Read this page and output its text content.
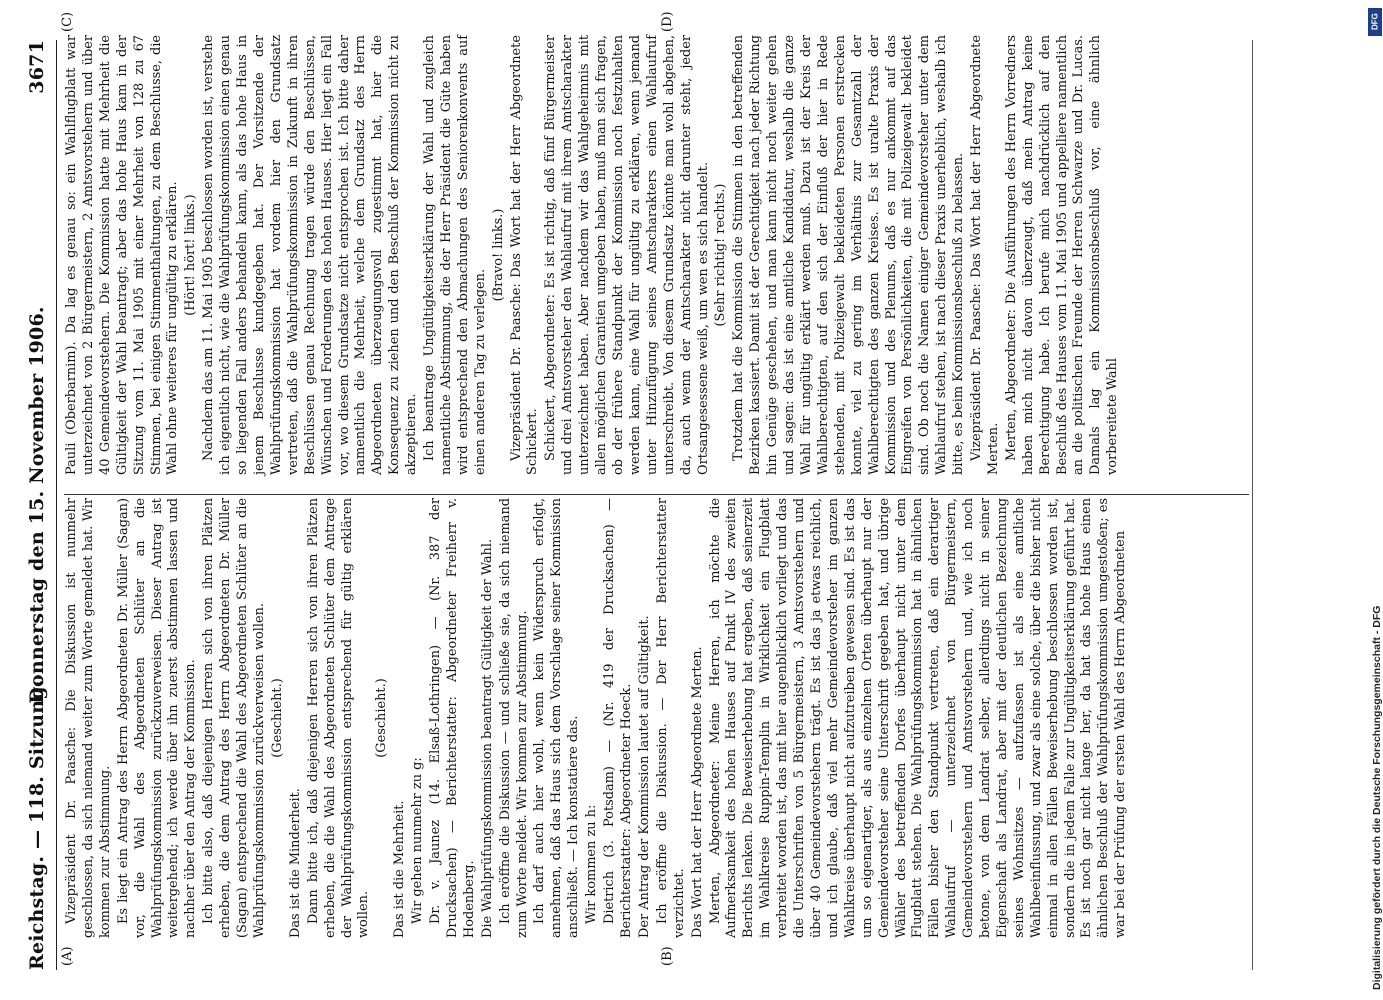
Reichstag. — 118. Sitzung.
Donnerstag den 15. November 1906.
3671
(A)	(B)
(C)	(D)

Vizepräsident Dr. Paasche: Die Diskussion ist nunmehr geschlossen, da sich niemand weiter zum Worte gemeldet hat. Wir kommen zur Abstimmung. Es liegt ein Antrag des Herrn Abgeordneten Dr. Müller (Sagan) vor, die Wahl des Abgeordneten Schlüter an die Wahlprüfungskommission zurückzuverweisen. Dieser Antrag ist weitergehend; ich werde über ihn zuerst abstimmen lassen und nachher über den Antrag der Kommission. Ich bitte also, daß diejenigen Herren sich von ihren Plätzen erheben, die dem Antrag des Herrn Abgeordneten Dr. Müller (Sagan) entsprechend die Wahl des Abgeordneten Schlüter an die Wahlprüfungskommission zurückverweisen wollen. (Geschieht.)

Das ist die Minderheit. Dann bitte ich, daß diejenigen Herren sich von ihren Plätzen erheben, die die Wahl des Abgeordneten Schlüter dem Antrage der Wahlprüfungskommission entsprechend für gültig erklären wollen.

(Geschieht.)

Das ist die Mehrheit. Wir gehen nunmehr zu g: Dr. v. Jaunez (14. Elsaß-Lothringen) — (Nr. 387 der Drucksachen) — Berichterstatter: Abgeordneter Freiherr v. Hodenberg. Die Wahlprüfungskommission beantragt Gültigkeit der Wahl. Ich eröffne die Diskussion — und schließe sie, da sich niemand zum Worte meldet. Wir kommen zur Abstimmung. Ich darf auch hier wohl, wenn kein Widerspruch erfolgt, annehmen, daß das Haus sich dem Vorschlage seiner Kommission anschließt. — Ich konstatiere das. Wir kommen zu h: Dietrich (3. Potsdam) — (Nr. 419 der Drucksachen) — Berichterstatter: Abgeordneter Hoeck. Der Antrag der Kommission lautet auf Gültigkeit. Ich eröffne die Diskussion. — Der Herr Berichterstatter verzichtet. Das Wort hat der Herr Abgeordnete Merten. Merten, Abgeordneter: Meine Herren, ich möchte die Aufmerksamkeit des hohen Hauses auf Punkt IV des zweiten Berichts lenken. Die Beweiserhebung hat ergeben, daß seinerzeit im Wahlkreise Ruppin-Templin in Wirklichkeit ein Flugblatt verbreitet worden ist, das mit hier augenblicklich vorliegt und das die Unterschriften von 5 Bürgermeistern, 3 Amtsvorstehern und über 40 Gemeindevorstehern trägt. Es ist das ja etwas reichlich, und ich glaube, daß viel mehr Gemeindevorsteher im ganzen Wahlkreise überhaupt nicht aufzutreiben gewesen sind. Es ist das um so eigenartiger, als aus einzelnen Orten überhaupt nur der Gemeindevorsteher seine Unterschrift gegeben hat, und übrige Wähler des betreffenden Dorfes überhaupt nicht unter dem Flugblatt stehen. Die Wahlprüfungskommission hat in ähnlichen Fällen bisher den Standpunkt vertreten, daß ein derartiger Wahlaufruf — unterzeichnet von Bürgermeistern, Gemeindevorstehern und Amtsvorstehern und, wie ich noch betone, von dem Landrat selber, allerdings nicht in seiner Eigenschaft als Landrat, aber mit der deutlichen Bezeichnung seines Wohnsitzes — aufzufassen ist als eine amtliche Wahlbeeinflussung, und zwar als eine solche, über die bisher nicht einmal in allen Fällen Beweiserhebung beschlossen worden ist, sondern die in jedem Falle zur Ungültigkeitserklärung geführt hat. Es ist noch gar nicht lange her, da hat das hohe Haus einen ähnlichen Beschluß der Wahlprüfungskommission umgestoßen; es war bei der Prüfung der ersten Wahl des Herrn Abgeordneten

Pauli (Oberbarnim). Da lag es genau so: ein Wahlflugblatt war unterzeichnet von 2 Bürgermeistern, 2 Amtsvorstehern und über 40 Gemeindevorstehern. Die Kommission hatte mit Mehrheit die Gültigkeit der Wahl beantragt; aber das hohe Haus kam in der Sitzung vom 11. Mai 1905 mit einer Mehrheit von 128 zu 67 Stimmen, bei einigen Stimmenthaltungen, zu dem Beschlusse, die Wahl ohne weiteres für ungültig zu erklären. (Hört! hört! links.) Nachdem das am 11. Mai 1905 beschlossen worden ist, verstehe ich eigentlich nicht, wie die Wahlprüfungskommission einen genau so liegenden Fall anders behandeln kann, als das hohe Haus in jenem Beschlusse kundgegeben hat. Der Vorsitzende der Wahlprüfungskommission hat vordem hier den Grundsatz vertreten, daß die Wahlprüfungskommission in Zukunft in ihren Beschlüssen genau Rechnung tragen würde den Beschlüssen, Wünschen und Forderungen des hohen Hauses. Hier liegt ein Fall vor, wo diesem Grundsatze nicht entsprochen ist. Ich bitte daher namentlich die Mehrheit, welche dem Grundsatz des Herrn Abgeordneten überzeugungsvoll zugestimmt hat, hier die Konsequenz zu ziehen und den Beschluß der Kommission nicht zu akzeptieren. Ich beantrage Ungültigkeitserklärung der Wahl und zugleich namentliche Abstimmung, die der Herr Präsident die Güte haben wird entsprechend den Abmachungen des Seniorenkonvents auf einen anderen Tag zu verlegen.

(Bravo! links.) Vizepräsident Dr. Paasche: Das Wort hat der Herr Abgeordnete Schickert. Schickert, Abgeordneter: Es ist richtig, daß fünf Bürgermeister und drei Amtsvorsteher den Wahlaufruf mit ihrem Amtscharakter unterzeichnet haben. Aber nachdem wir das Wahlgeheimnis mit allen möglichen Garantien umgeben haben, muß man sich fragen, ob der frühere Standpunkt der Kommission noch festzuhalten werden kann, eine Wahl für ungültig zu erklären, wenn jemand unter Hinzufügung seines Amtscharakters einen Wahlaufruf unterschreibt. Von diesem Grundsatz könnte man wohl abgehen, da, auch wenn der Amtscharakter nicht darunter steht, jeder Ortsangesessene weiß, um wen es sich handelt. (Sehr richtig! rechts.) Trotzdem hat die Kommission die Stimmen in den betreffenden Bezirken kassiert. Damit ist der Gerechtigkeit nach jeder Richtung hin Genüge geschehen, und man kann nicht noch weiter gehen und sagen: das ist eine amtliche Kandidatur, weshalb die ganze Wahl für ungültig erklärt werden muß. Dazu ist der Kreis der Wahlberechtigten, auf den sich der Einfluß der hier in Rede stehenden, mit Polizeigewalt bekleideten Personen erstrecken konnte, viel zu gering im Verhältnis zur Gesamtzahl der Wahlberechtigten des ganzen Kreises. Es ist uralte Praxis der Kommission und des Plenums, daß es nur ankommt auf das Eingreifen von Persönlichkeiten, die mit Polizeigewalt bekleidet sind. Ob noch die Namen einiger Gemeindevorsteher unter dem Wahlaufruf stehen, ist nach dieser Praxis unerheblich, weshalb ich bitte, es beim Kommissionsbeschluß zu belassen. Vizepräsident Dr. Paasche: Das Wort hat der Herr Abgeordnete Merten. Merten, Abgeordneter: Die Ausführungen des Herrn Vorredners haben mich nicht davon überzeugt, daß mein Antrag keine Berechtigung habe. Ich berufe mich nachdrücklich auf den Beschluß des Hauses vom 11. Mai 1905 und appelliere namentlich an die politischen Freunde der Herren Schwarze und Dr. Lucas. Damals lag ein Kommissionsbeschluß vor, eine ähnlich vorbereitete Wahl

DFG
Digitalisierung gefördert durch die Deutsche Forschungsgemeinschaft - DFG
